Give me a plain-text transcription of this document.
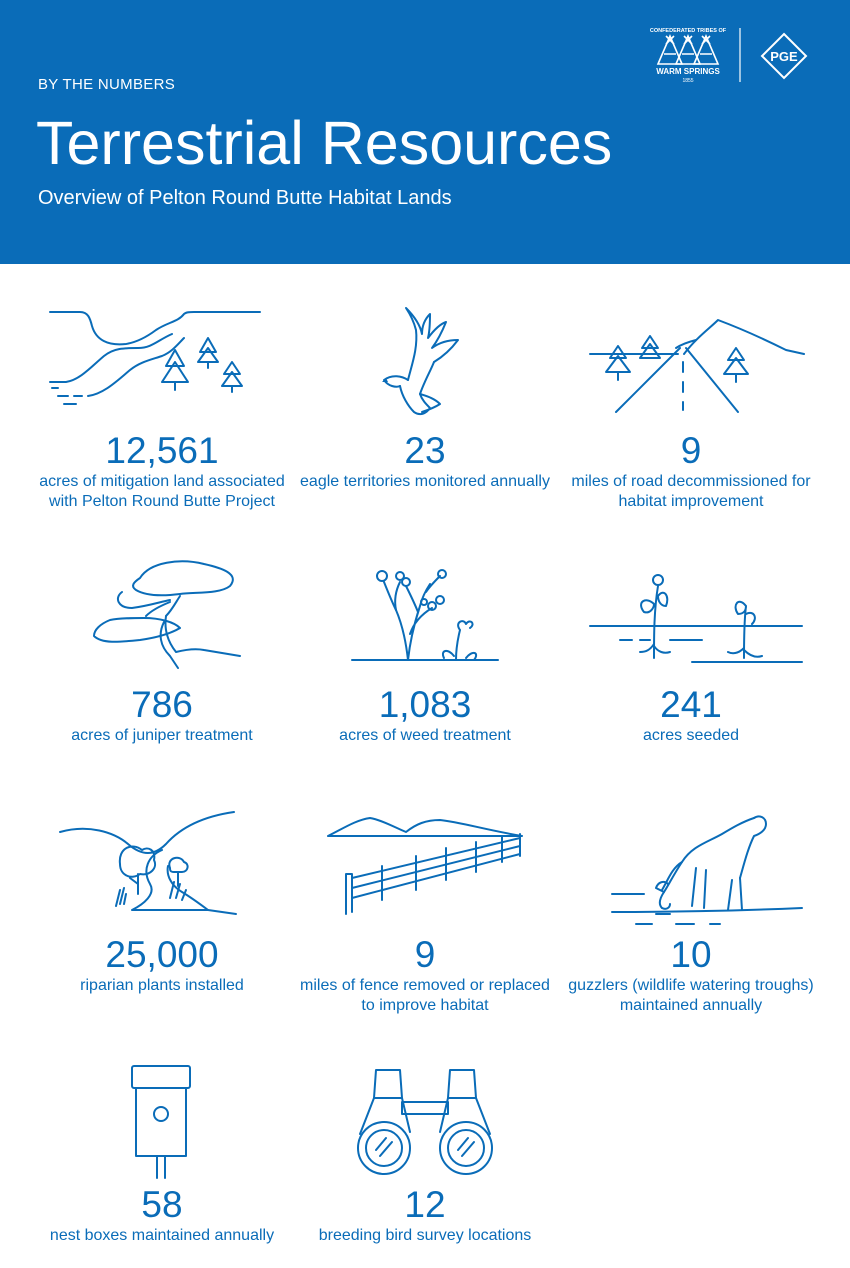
BY THE NUMBERS
Terrestrial Resources
Overview of Pelton Round Butte Habitat Lands
CONFEDERATED TRIBES OF
WARM SPRINGS
1855
PGE
12,561
acres of mitigation land associated with Pelton Round Butte Project
23
eagle territories monitored annually
9
miles of road decommissioned for habitat improvement
786
acres of juniper treatment
1,083
acres of weed treatment
241
acres seeded
25,000
riparian plants installed
9
miles of fence removed or replaced to improve habitat
10
guzzlers (wildlife watering troughs) maintained annually
58
nest boxes maintained annually
12
breeding bird survey locations
